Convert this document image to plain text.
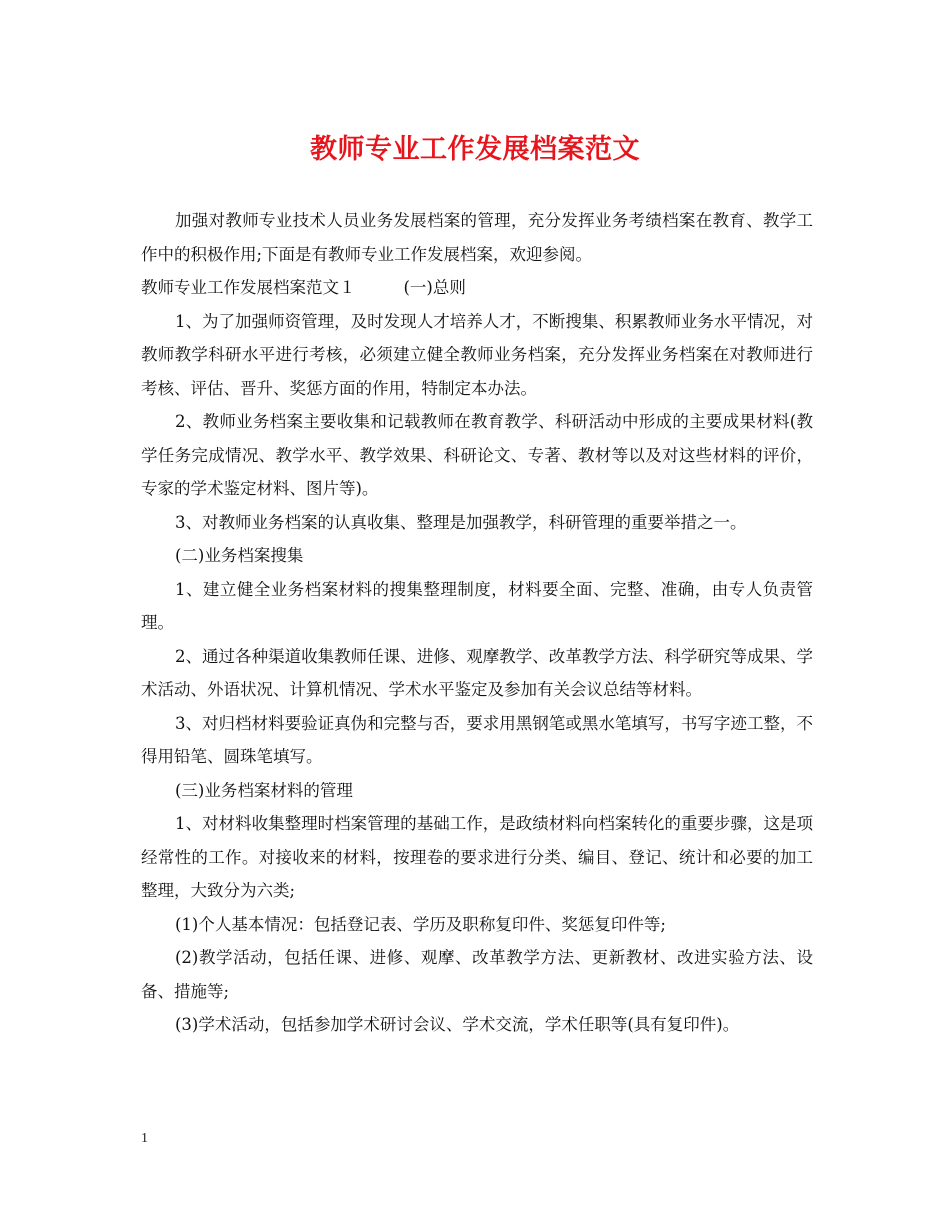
教师专业工作发展档案范文

加强对教师专业技术人员业务发展档案的管理，充分发挥业务考绩档案在教育、教学工作中的积极作用;下面是有教师专业工作发展档案，欢迎参阅。

教师专业工作发展档案范文１	(一)总则

1、为了加强师资管理，及时发现人才培养人才，不断搜集、积累教师业务水平情况，对教师教学科研水平进行考核，必须建立健全教师业务档案，充分发挥业务档案在对教师进行考核、评估、晋升、奖惩方面的作用，特制定本办法。

2、教师业务档案主要收集和记载教师在教育教学、科研活动中形成的主要成果材料(教学任务完成情况、教学水平、教学效果、科研论文、专著、教材等以及对这些材料的评价，专家的学术鉴定材料、图片等)。

3、对教师业务档案的认真收集、整理是加强教学，科研管理的重要举措之一。

(二)业务档案搜集

1、建立健全业务档案材料的搜集整理制度，材料要全面、完整、准确，由专人负责管理。

2、通过各种渠道收集教师任课、进修、观摩教学、改革教学方法、科学研究等成果、学术活动、外语状况、计算机情况、学术水平鉴定及参加有关会议总结等材料。

3、对归档材料要验证真伪和完整与否，要求用黑钢笔或黑水笔填写，书写字迹工整，不得用铅笔、圆珠笔填写。

(三)业务档案材料的管理

1、对材料收集整理时档案管理的基础工作，是政绩材料向档案转化的重要步骤，这是项经常性的工作。对接收来的材料，按理卷的要求进行分类、编目、登记、统计和必要的加工整理，大致分为六类;

(1)个人基本情况：包括登记表、学历及职称复印件、奖惩复印件等;

(2)教学活动，包括任课、进修、观摩、改革教学方法、更新教材、改进实验方法、设备、措施等;

(3)学术活动，包括参加学术研讨会议、学术交流，学术任职等(具有复印件)。

1
